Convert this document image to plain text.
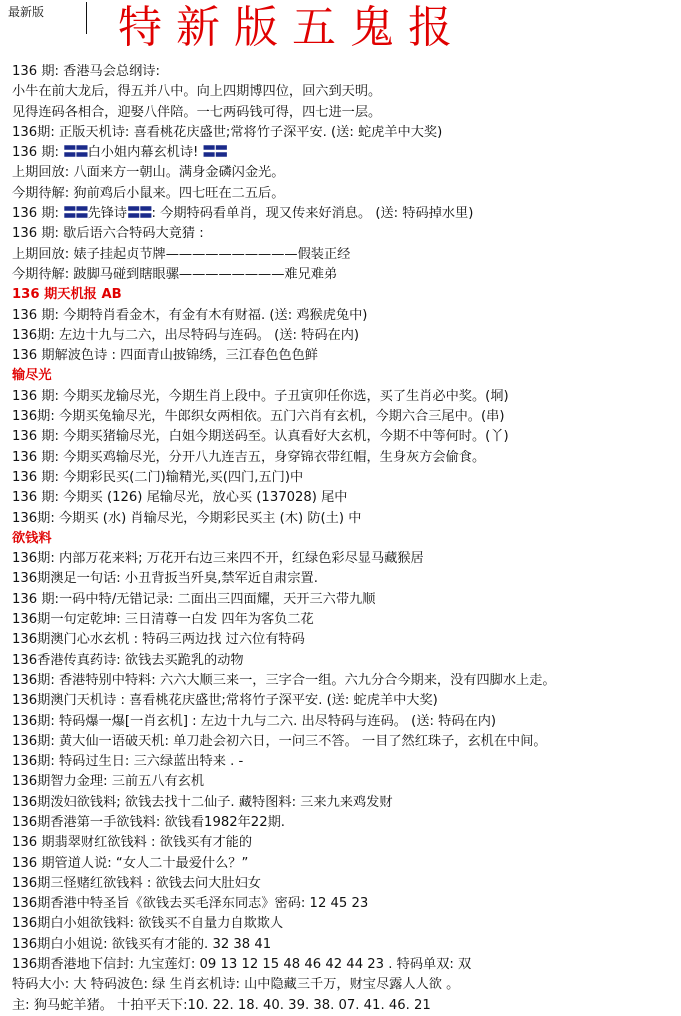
最新版 特新版五鬼报
136 期: 香港马会总纲诗:
小牛在前大龙后，得五并八中。向上四期博四位，回六到天明。
见得连码各相合，迎娶八伴陪。一七两码钱可得，四七进一层。
136期: 正版天机诗: 喜看桃花庆盛世;常将竹子深平安. (送: 蛇虎羊中大奖)
136 期: 〓〓白小姐内幕玄机诗! 〓〓
上期回放: 八面来方一朝山。满身金磷闪金光。
今期待解: 狗前鸡后小鼠来。四七旺在二五后。
136 期: 〓〓先锋诗〓〓: 今期特码看单肖，现又传来好消息。 (送: 特码掉水里)
136 期: 歇后语六合特码大竟猜 :
上期回放: 婊子挂起贞节牌——————————假装正经
今期待解: 跛脚马碰到瞎眼骡————————难兄难弟
136 期天机报 AB
136 期: 今期特肖看金木，有金有木有财福. (送: 鸡猴虎兔中)
136期: 左边十九与二六，出尽特码与连码。 (送: 特码在内)
136 期解波色诗 : 四面青山披锦绣，三江春色色色鲜
输尽光
136 期: 今期买龙输尽光，今期生肖上段中。子丑寅卯任你选，买了生肖必中奖。(垌)
136期: 今期买兔输尽光，牛郎织女两相依。五门六肖有玄机，今期六合三尾中。(串)
136 期: 今期买猪输尽光，白姐今期送码至。认真看好大玄机，今期不中等何时。(丫)
136 期: 今期买鸡输尽光，分开八九连吉五，身穿锦衣带红帽，生身灰方会偷食。
136 期: 今期彩民买(二门)输精光,买(四门,五门)中
136 期: 今期买 (126) 尾输尽光，放心买 (137028) 尾中
136期: 今期买 (水) 肖输尽光，今期彩民买主 (木) 防(土) 中
欲钱料
136期: 内部万花来料; 万花开右边三来四不开，红绿色彩尽显马藏猴居
136期澳足一句话: 小丑背扳当歼臭,禁军近自肃宗置.
136 期:一码中特/无错记录: 二面出三四面耀，天开三六带九顺
136期一句定乾坤: 三日清尊一白发 四年为客负二花
136期澳门心水玄机 : 特码三两边找 过六位有特码
136香港传真药诗: 欲钱去买跪乳的动物
136期: 香港特别中特料: 六六大顺三来一，三字合一组。六九分合今期来，没有四脚水上走。
136期澳门天机诗 : 喜看桃花庆盛世;常将竹子深平安. (送: 蛇虎羊中大奖)
136期: 特码爆一爆[一肖玄机] : 左边十九与二六. 出尽特码与连码。 (送: 特码在内)
136期: 黄大仙一语破天机: 单刀赴会初六日，一问三不答。 一目了然红珠子，玄机在中间。
136期: 特码过生日: 三六绿蓝出特来 . -
136期智力金理: 三前五八有玄机
136期泼妇欲钱料; 欲钱去找十二仙子. 藏特图料: 三来九来鸡发财
136期香港第一手欲钱料: 欲钱看1982年22期.
136 期翡翠财红欲钱料 : 欲钱买有才能的
136 期管道人说: “女人二十最爱什么？”
136期三怪赌红欲钱料 : 欲钱去问大肚妇女
136期香港中特圣旨《欲钱去买毛泽东同志》密码: 12 45 23
136期白小姐欲钱料: 欲钱买不自量力自欺欺人
136期白小姐说: 欲钱买有才能的. 32 38 41
136期香港地下信封: 九宝莲灯: 09 13 12 15 48 46 42 44 23 . 特码单双: 双
特码大小: 大 特码波色: 绿 生肖玄机诗: 山中隐藏三千万，财宝尽露人人欲 。
主: 狗马蛇羊猪。 十拍平天下:10. 22. 18. 40. 39. 38. 07. 41. 46. 21
